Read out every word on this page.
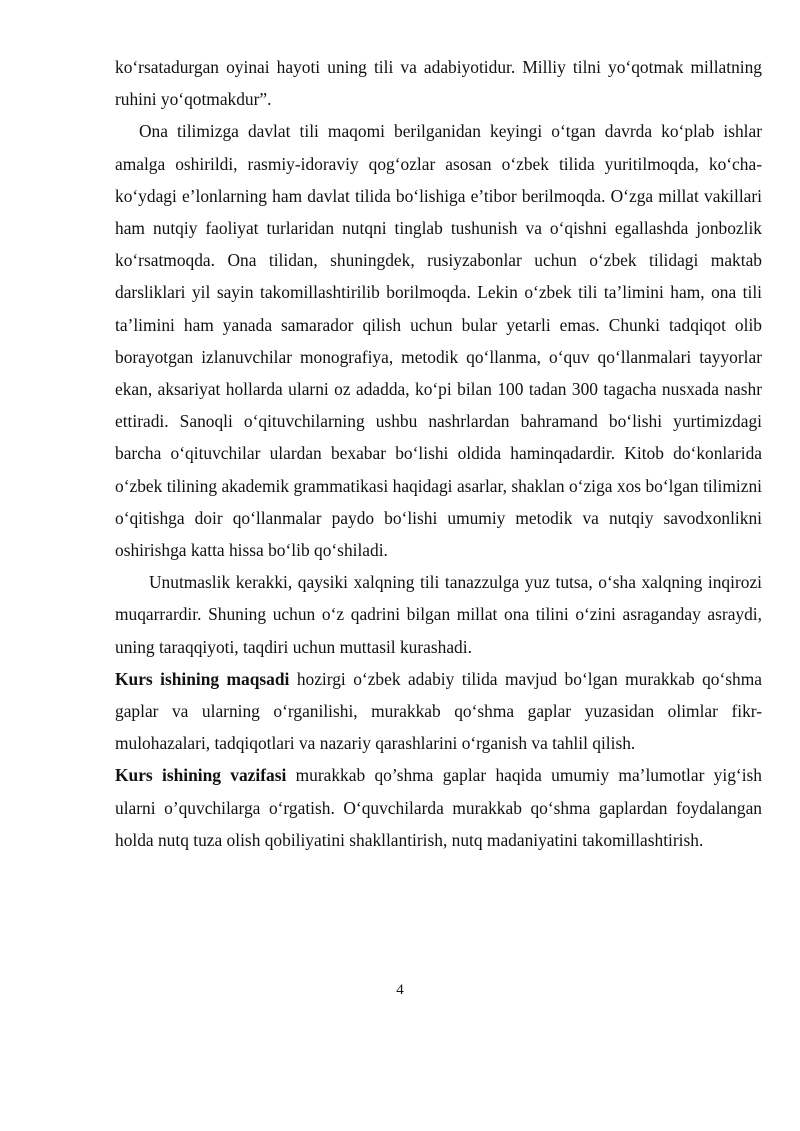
ko‘rsatadurgan oyinai hayoti uning tili va adabiyotidur. Milliy tilni yo‘qotmak millatning ruhini yo‘qotmakdur”.

Ona tilimizga davlat tili maqomi berilganidan keyingi o‘tgan davrda ko‘plab ishlar amalga oshirildi, rasmiy-idoraviy qog‘ozlar asosan o‘zbek tilida yuritilmoqda, ko‘cha-ko‘ydagi e’lonlarning ham davlat tilida bo‘lishiga e’tibor berilmoqda. O‘zga millat vakillari ham nutqiy faoliyat turlaridan nutqni tinglab tushunish va o‘qishni egallashda jonbozlik ko‘rsatmoqda. Ona tilidan, shuningdek, rusiyzabonlar uchun o‘zbek tilidagi maktab darsliklari yil sayin takomillashtirilib borilmoqda. Lekin o‘zbek tili ta’limini ham, ona tili ta’limini ham yanada samarador qilish uchun bular yetarli emas. Chunki tadqiqot olib borayotgan izlanuvchilar monografiya, metodik qo‘llanma, o‘quv qo‘llanmalari tayyorlar ekan, aksariyat hollarda ularni oz adadda, ko‘pi bilan 100 tadan 300 tagacha nusxada nashr ettiradi. Sanoqli o‘qituvchilarning ushbu nashrlardan bahramand bo‘lishi yurtimizdagi barcha o‘qituvchilar ulardan bexabar bo‘lishi oldida haminqadardir. Kitob do‘konlarida o‘zbek tilining akademik grammatikasi haqidagi asarlar, shaklan o‘ziga xos bo‘lgan tilimizni o‘qitishga doir qo‘llanmalar paydo bo‘lishi umumiy metodik va nutqiy savodxonlikni oshirishga katta hissa bo‘lib qo‘shiladi.

Unutmaslik kerakki, qaysiki xalqning tili tanazzulga yuz tutsa, o‘sha xalqning inqirozi muqarrardir. Shuning uchun o‘z qadrini bilgan millat ona tilini o‘zini asraganday asraydi, uning taraqqiyoti, taqdiri uchun muttasil kurashadi.

Kurs ishining maqsadi hozirgi o‘zbek adabiy tilida mavjud bo‘lgan murakkab qo‘shma gaplar va ularning o‘rganilishi, murakkab qo‘shma gaplar yuzasidan olimlar fikr-mulohazalari, tadqiqotlari va nazariy qarashlarini o‘rganish va tahlil qilish.

Kurs ishining vazifasi murakkab qo’shma gaplar haqida umumiy ma’lumotlar yig‘ish ularni o’quvchilarga o‘rgatish. O‘quvchilarda murakkab qo‘shma gaplardan foydalangan holda nutq tuza olish qobiliyatini shakllantirish, nutq madaniyatini takomillashtirish.

4
